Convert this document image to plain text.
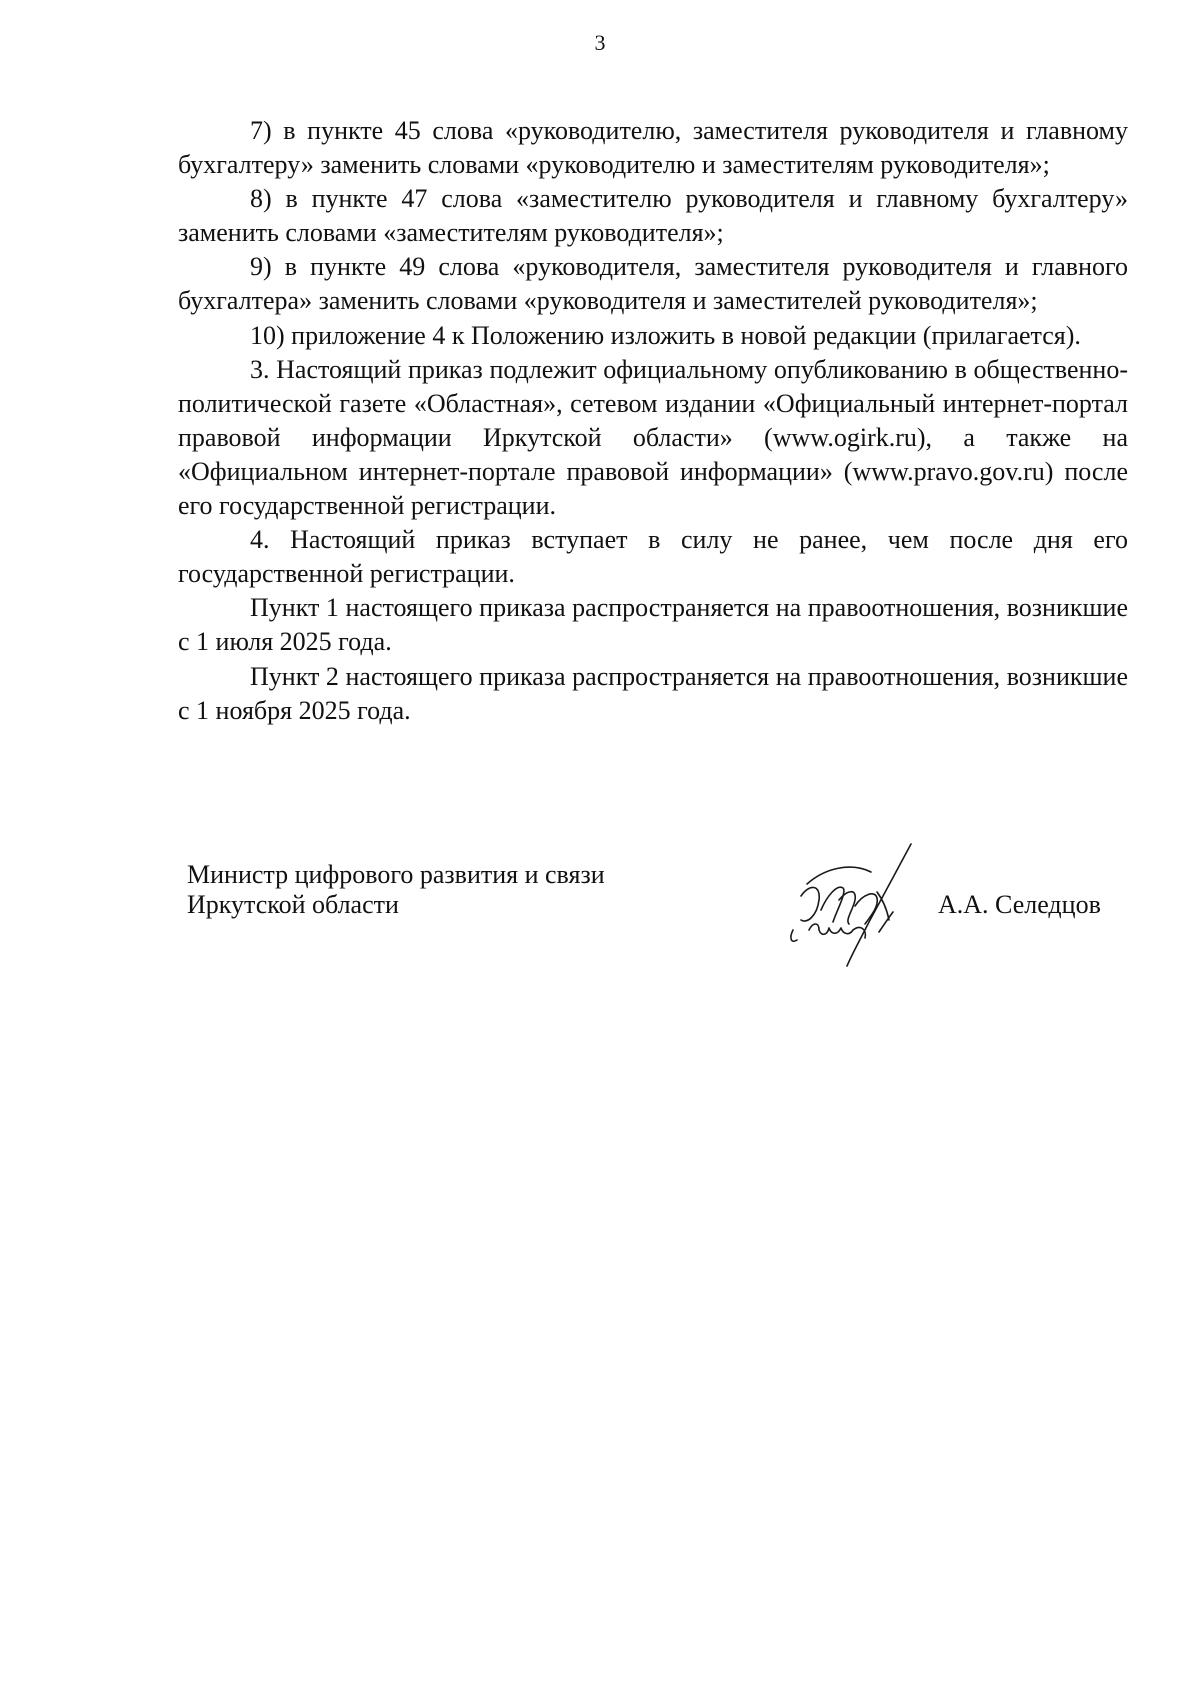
3

7) в пункте 45 слова «руководителю, заместителя руководителя и главному бухгалтеру» заменить словами «руководителю и заместителям руководителя»;

8) в пункте 47 слова «заместителю руководителя и главному бухгалтеру» заменить словами «заместителям руководителя»;

9) в пункте 49 слова «руководителя, заместителя руководителя и главного бухгалтера» заменить словами «руководителя и заместителей руководителя»;

10) приложение 4 к Положению изложить в новой редакции (прилагается).

3. Настоящий приказ подлежит официальному опубликованию в общественно-политической газете «Областная», сетевом издании «Официальный интернет-портал правовой информации Иркутской области» (www.ogirk.ru), а также на «Официальном интернет-портале правовой информации» (www.pravo.gov.ru) после его государственной регистрации.

4. Настоящий приказ вступает в силу не ранее, чем после дня его государственной регистрации.

Пункт 1 настоящего приказа распространяется на правоотношения, возникшие с 1 июля 2025 года.

Пункт 2 настоящего приказа распространяется на правоотношения, возникшие с 1 ноября 2025 года.

Министр цифрового развития и связи
Иркутской области	А.А. Селедцов
